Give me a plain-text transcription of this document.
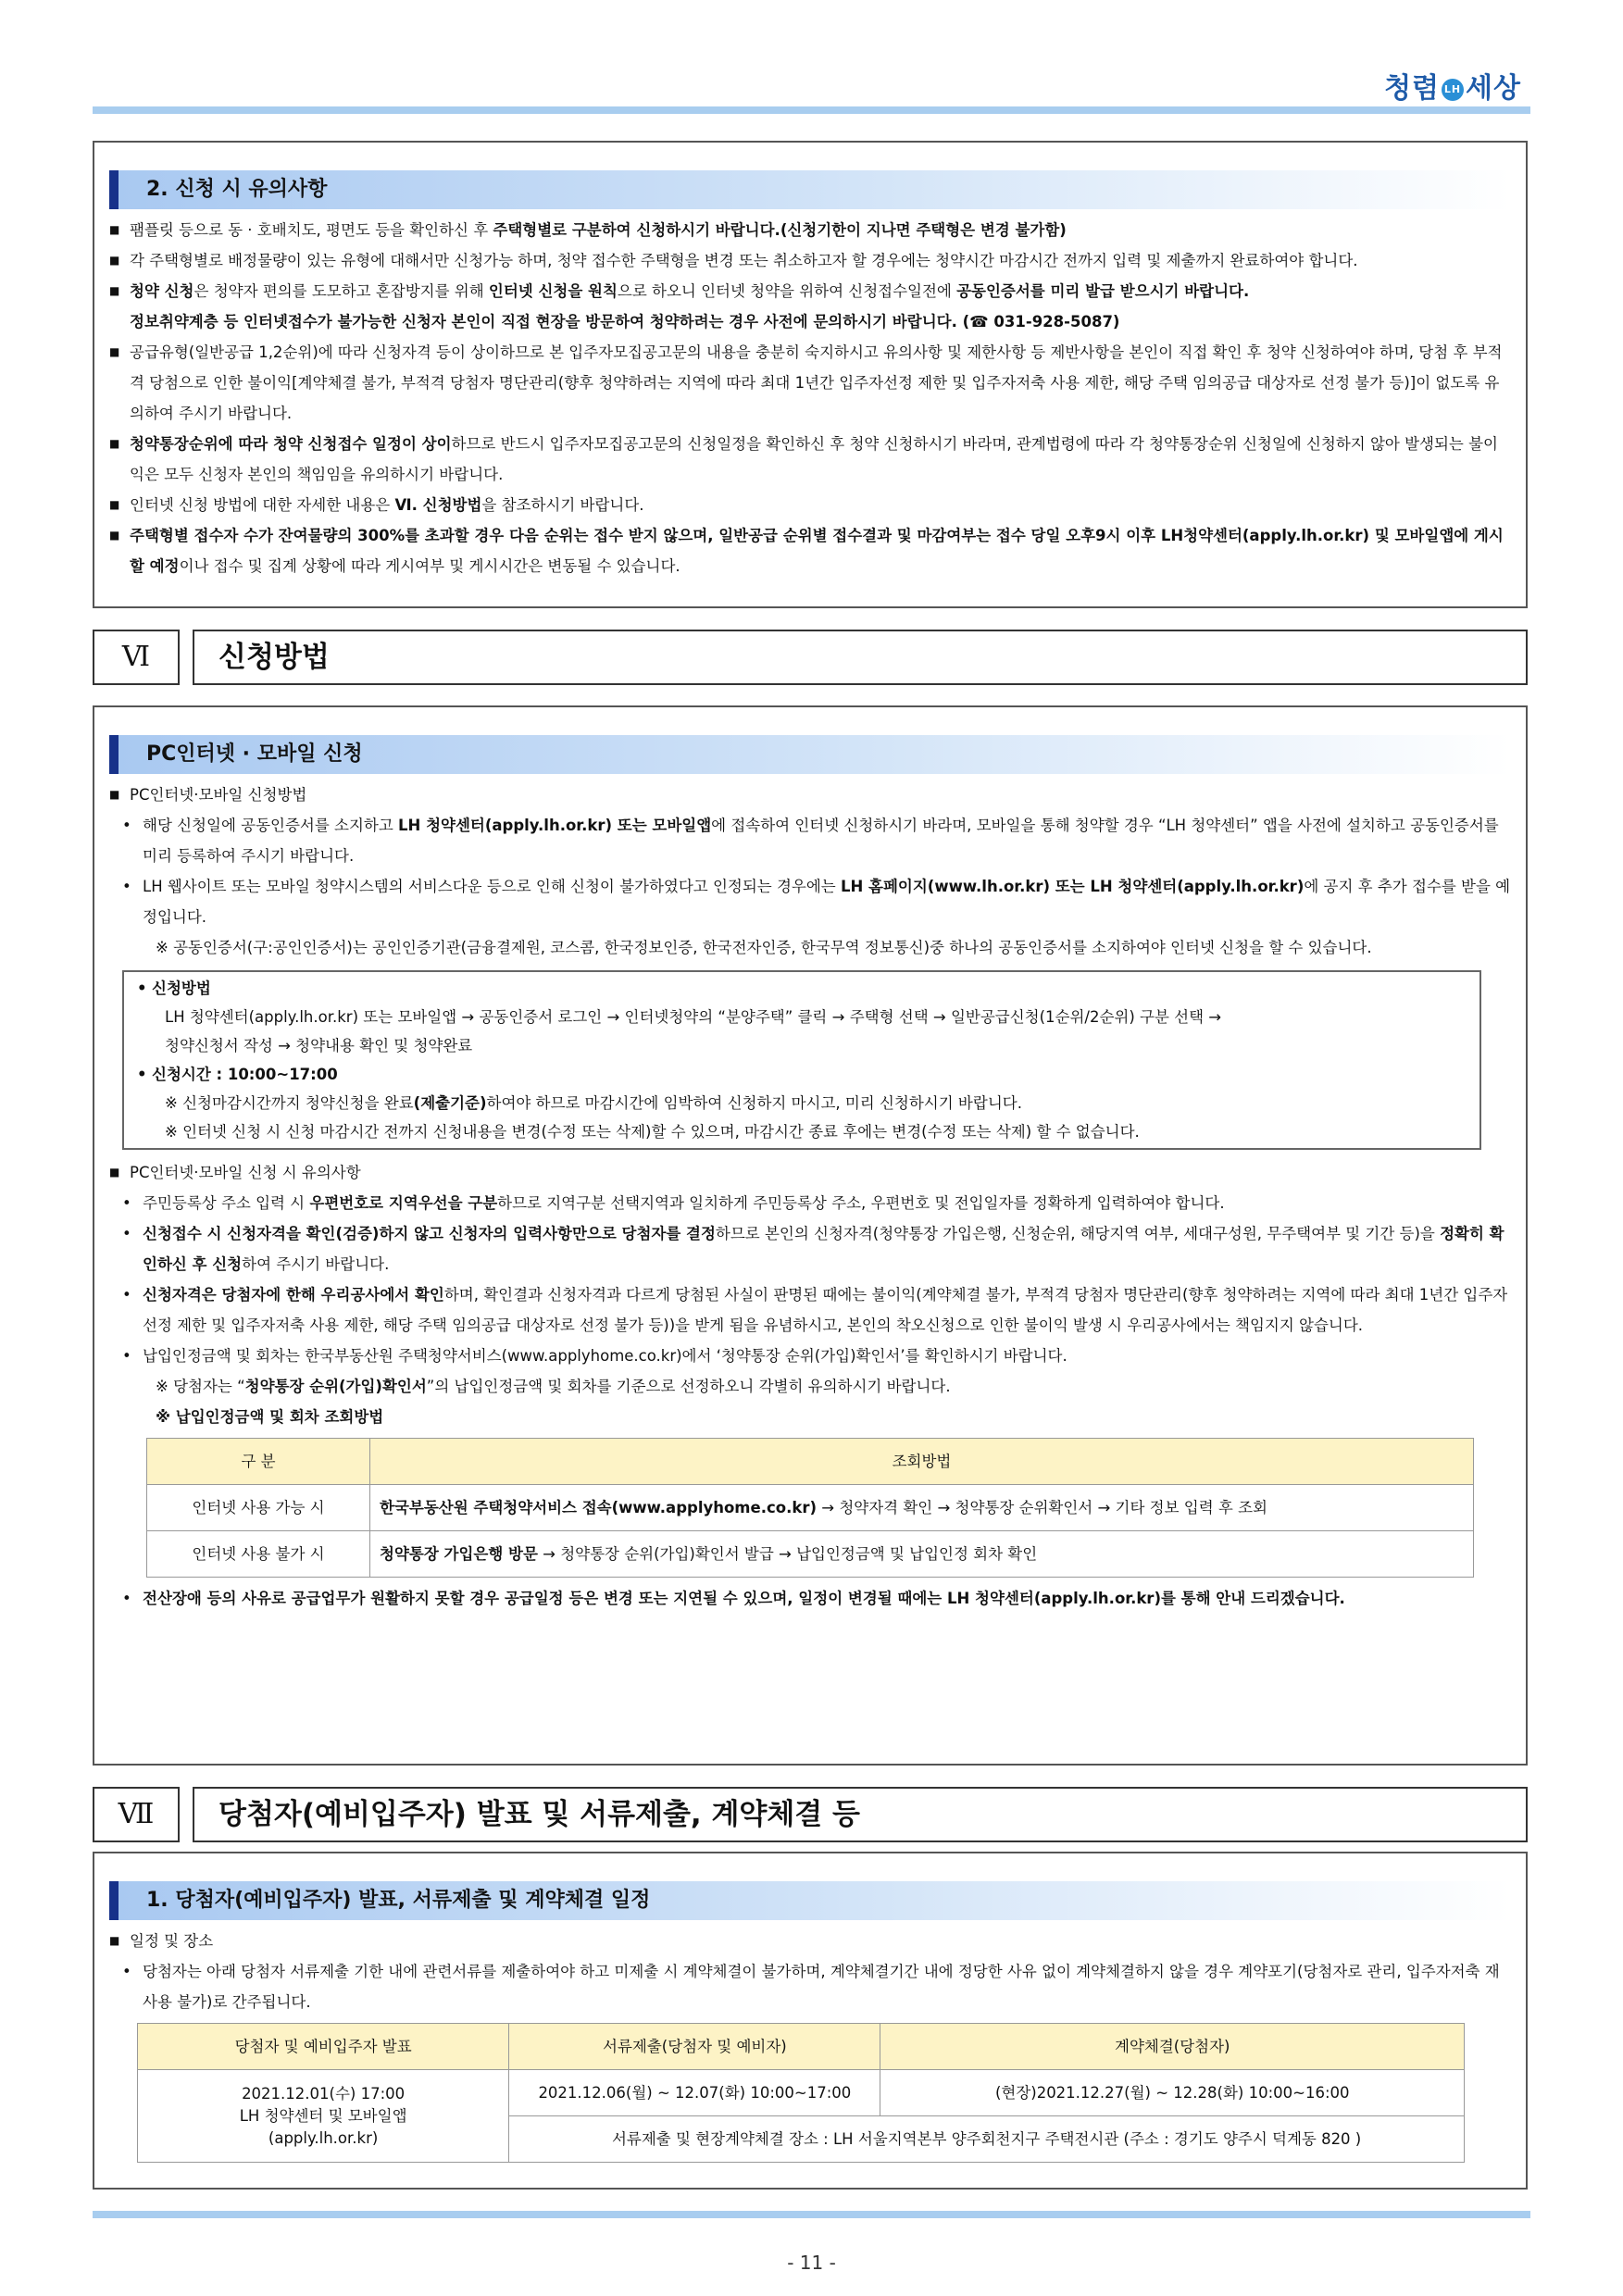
청렴 LH 세상
2. 신청 시 유의사항
■ 팸플릿 등으로 동 · 호배치도, 평면도 등을 확인하신 후 주택형별로 구분하여 신청하시기 바랍니다.(신청기한이 지나면 주택형은 변경 불가함)
■ 각 주택형별로 배정물량이 있는 유형에 대해서만 신청가능 하며, 청약 접수한 주택형을 변경 또는 취소하고자 할 경우에는 청약시간 마감시간 전까지 입력 및 제출까지 완료하여야 합니다.
■ 청약 신청은 청약자 편의를 도모하고 혼잡방지를 위해 인터넷 신청을 원칙으로 하오니 인터넷 청약을 위하여 신청접수일전에 공동인증서를 미리 발급 받으시기 바랍니다.
정보취약계층 등 인터넷접수가 불가능한 신청자 본인이 직접 현장을 방문하여 청약하려는 경우 사전에 문의하시기 바랍니다. (☎ 031-928-5087)
■ 공급유형(일반공급 1,2순위)에 따라 신청자격 등이 상이하므로 본 입주자모집공고문의 내용을 충분히 숙지하시고 유의사항 및 제한사항 등 제반사항을 본인이 직접 확인 후 청약 신청하여야 하며, 당첨 후 부적격 당첨으로 인한 불이익[계약체결 불가, 부적격 당첨자 명단관리(향후 청약하려는 지역에 따라 최대 1년간 입주자선정 제한 및 입주자저축 사용 제한, 해당 주택 임의공급 대상자로 선정 불가 등)]이 없도록 유의하여 주시기 바랍니다.
■ 청약통장순위에 따라 청약 신청접수 일정이 상이하므로 반드시 입주자모집공고문의 신청일정을 확인하신 후 청약 신청하시기 바라며, 관계법령에 따라 각 청약통장순위 신청일에 신청하지 않아 발생되는 불이익은 모두 신청자 본인의 책임임을 유의하시기 바랍니다.
■ 인터넷 신청 방법에 대한 자세한 내용은 Ⅵ. 신청방법을 참조하시기 바랍니다.
■ 주택형별 접수자 수가 잔여물량의 300%를 초과할 경우 다음 순위는 접수 받지 않으며, 일반공급 순위별 접수결과 및 마감여부는 접수 당일 오후9시 이후 LH청약센터(apply.lh.or.kr) 및 모바일앱에 게시할 예정이나 접수 및 집계 상황에 따라 게시여부 및 게시시간은 변동될 수 있습니다.
Ⅵ	신청방법
PC인터넷 · 모바일 신청
■ PC인터넷·모바일 신청방법
• 해당 신청일에 공동인증서를 소지하고 LH 청약센터(apply.lh.or.kr) 또는 모바일앱에 접속하여 인터넷 신청하시기 바라며, 모바일을 통해 청약할 경우 “LH 청약센터” 앱을 사전에 설치하고 공동인증서를 미리 등록하여 주시기 바랍니다.
• LH 웹사이트 또는 모바일 청약시스템의 서비스다운 등으로 인해 신청이 불가하였다고 인정되는 경우에는 LH 홈페이지(www.lh.or.kr) 또는 LH 청약센터(apply.lh.or.kr)에 공지 후 추가 접수를 받을 예정입니다.
※ 공동인증서(구:공인인증서)는 공인인증기관(금융결제원, 코스콤, 한국정보인증, 한국전자인증, 한국무역 정보통신)중 하나의 공동인증서를 소지하여야 인터넷 신청을 할 수 있습니다.
• 신청방법
LH 청약센터(apply.lh.or.kr) 또는 모바일앱 → 공동인증서 로그인 → 인터넷청약의 “분양주택” 클릭 → 주택형 선택 → 일반공급신청(1순위/2순위) 구분 선택 →
청약신청서 작성 → 청약내용 확인 및 청약완료
• 신청시간 : 10:00~17:00
※ 신청마감시간까지 청약신청을 완료(제출기준)하여야 하므로 마감시간에 임박하여 신청하지 마시고, 미리 신청하시기 바랍니다.
※ 인터넷 신청 시 신청 마감시간 전까지 신청내용을 변경(수정 또는 삭제)할 수 있으며, 마감시간 종료 후에는 변경(수정 또는 삭제) 할 수 없습니다.
■ PC인터넷·모바일 신청 시 유의사항
• 주민등록상 주소 입력 시 우편번호로 지역우선을 구분하므로 지역구분 선택지역과 일치하게 주민등록상 주소, 우편번호 및 전입일자를 정확하게 입력하여야 합니다.
• 신청접수 시 신청자격을 확인(검증)하지 않고 신청자의 입력사항만으로 당첨자를 결정하므로 본인의 신청자격(청약통장 가입은행, 신청순위, 해당지역 여부, 세대구성원, 무주택여부 및 기간 등)을 정확히 확인하신 후 신청하여 주시기 바랍니다.
• 신청자격은 당첨자에 한해 우리공사에서 확인하며, 확인결과 신청자격과 다르게 당첨된 사실이 판명된 때에는 불이익(계약체결 불가, 부적격 당첨자 명단관리(향후 청약하려는 지역에 따라 최대 1년간 입주자선정 제한 및 입주자저축 사용 제한, 해당 주택 임의공급 대상자로 선정 불가 등))을 받게 됨을 유념하시고, 본인의 착오신청으로 인한 불이익 발생 시 우리공사에서는 책임지지 않습니다.
• 납입인정금액 및 회차는 한국부동산원 주택청약서비스(www.applyhome.co.kr)에서 ‘청약통장 순위(가입)확인서’를 확인하시기 바랍니다.
※ 당첨자는 “청약통장 순위(가입)확인서”의 납입인정금액 및 회차를 기준으로 선정하오니 각별히 유의하시기 바랍니다.
※ 납입인정금액 및 회차 조회방법
구 분	조회방법
인터넷 사용 가능 시	한국부동산원 주택청약서비스 접속(www.applyhome.co.kr) → 청약자격 확인 → 청약통장 순위확인서 → 기타 정보 입력 후 조회
인터넷 사용 불가 시	청약통장 가입은행 방문 → 청약통장 순위(가입)확인서 발급 → 납입인정금액 및 납입인정 회차 확인
• 전산장애 등의 사유로 공급업무가 원활하지 못할 경우 공급일정 등은 변경 또는 지연될 수 있으며, 일정이 변경될 때에는 LH 청약센터(apply.lh.or.kr)를 통해 안내 드리겠습니다.
Ⅶ	당첨자(예비입주자) 발표 및 서류제출, 계약체결 등
1. 당첨자(예비입주자) 발표, 서류제출 및 계약체결 일정
■ 일정 및 장소
• 당첨자는 아래 당첨자 서류제출 기한 내에 관련서류를 제출하여야 하고 미제출 시 계약체결이 불가하며, 계약체결기간 내에 정당한 사유 없이 계약체결하지 않을 경우 계약포기(당첨자로 관리, 입주자저축 재사용 불가)로 간주됩니다.
당첨자 및 예비입주자 발표	서류제출(당첨자 및 예비자)	계약체결(당첨자)

2021.12.01(수) 17:00
LH 청약센터 및 모바일앱
(apply.lh.or.kr)	2021.12.06(월) ~ 12.07(화) 10:00~17:00	(현장)2021.12.27(월) ~ 12.28(화) 10:00~16:00
	서류제출 및 현장계약체결 장소 : LH 서울지역본부 양주회천지구 주택전시관 (주소 : 경기도 양주시 덕계동 820 )	
- 11 -
